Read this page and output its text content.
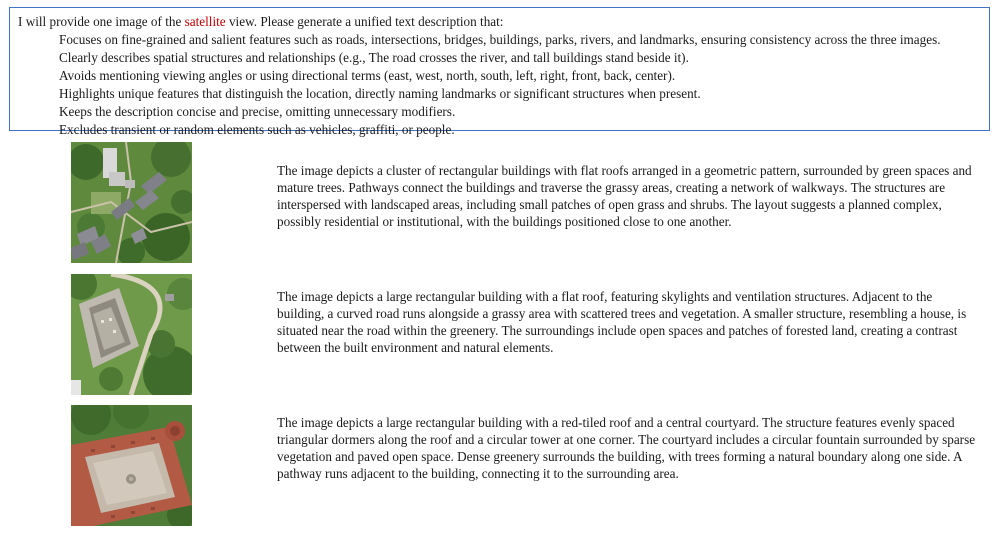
I will provide one image of the satellite view. Please generate a unified text description that:

Focuses on fine-grained and salient features such as roads, intersections, bridges, buildings, parks, rivers, and landmarks, ensuring consistency across the three images.
Clearly describes spatial structures and relationships (e.g., The road crosses the river, and tall buildings stand beside it).
Avoids mentioning viewing angles or using directional terms (east, west, north, south, left, right, front, back, center).
Highlights unique features that distinguish the location, directly naming landmarks or significant structures when present.
Keeps the description concise and precise, omitting unnecessary modifiers.
Excludes transient or random elements such as vehicles, graffiti, or people.

The image depicts a cluster of rectangular buildings with flat roofs arranged in a geometric pattern, surrounded by green spaces and mature trees. Pathways connect the buildings and traverse the grassy areas, creating a network of walkways. The structures are interspersed with landscaped areas, including small patches of open grass and shrubs. The layout suggests a planned complex, possibly residential or institutional, with the buildings positioned close to one another.

The image depicts a large rectangular building with a flat roof, featuring skylights and ventilation structures. Adjacent to the building, a curved road runs alongside a grassy area with scattered trees and vegetation. A smaller structure, resembling a house, is situated near the road within the greenery. The surroundings include open spaces and patches of forested land, creating a contrast between the built environment and natural elements.

The image depicts a large rectangular building with a red-tiled roof and a central courtyard. The structure features evenly spaced triangular dormers along the roof and a circular tower at one corner. The courtyard includes a circular fountain surrounded by sparse vegetation and paved open space. Dense greenery surrounds the building, with trees forming a natural boundary along one side. A pathway runs adjacent to the building, connecting it to the surrounding area.
